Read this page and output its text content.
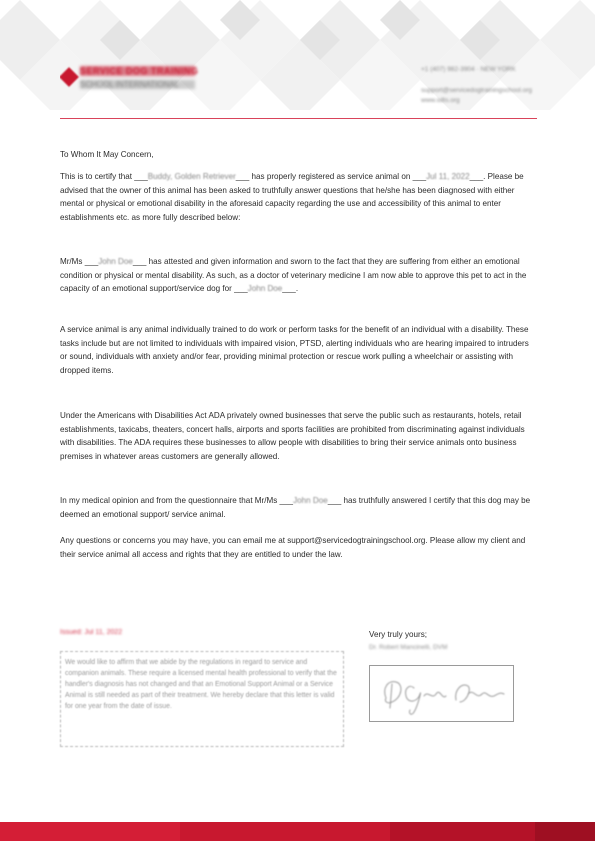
SERVICE DOG TRAINING
SCHOOL INTERNATIONAL
+1 (407) 982-3904 · NEW YORK
support@servicedogtrainingschool.org
www.sdts.org

To Whom It May Concern,

This is to certify that ___Buddy, Golden Retriever___ has properly registered as service animal on ___Jul 11, 2022___. Please be advised that the owner of this animal has been asked to truthfully answer questions that he/she has been diagnosed with either mental or physical or emotional disability in the aforesaid capacity regarding the use and accessibility of this animal to enter establishments etc. as more fully described below:

Mr/Ms ___John Doe___ has attested and given information and sworn to the fact that they are suffering from either an emotional condition or physical or mental disability. As such, as a doctor of veterinary medicine I am now able to approve this pet to act in the capacity of an emotional support/service dog for ___John Doe___.

A service animal is any animal individually trained to do work or perform tasks for the benefit of an individual with a disability. These tasks include but are not limited to individuals with impaired vision, PTSD, alerting individuals who are hearing impaired to intruders or sound, individuals with anxiety and/or fear, providing minimal protection or rescue work pulling a wheelchair or assisting with dropped items.

Under the Americans with Disabilities Act ADA privately owned businesses that serve the public such as restaurants, hotels, retail establishments, taxicabs, theaters, concert halls, airports and sports facilities are prohibited from discriminating against individuals with disabilities. The ADA requires these businesses to allow people with disabilities to bring their service animals onto business premises in whatever areas customers are generally allowed.

In my medical opinion and from the questionnaire that Mr/Ms ___John Doe___ has truthfully answered I certify that this dog may be deemed an emotional support/ service animal.

Any questions or concerns you may have, you can email me at support@servicedogtrainingschool.org. Please allow my client and their service animal all access and rights that they are entitled to under the law.

Issued: Jul 11, 2022
We would like to affirm that we abide by the regulations in regard to service and companion animals. These require a licensed mental health professional to verify that the handler's diagnosis has not changed and that an Emotional Support Animal or a Service Animal is still needed as part of their treatment. We hereby declare that this letter is valid for one year from the date of issue.
Very truly yours;
Dr. Robert Mancinelli, DVM
